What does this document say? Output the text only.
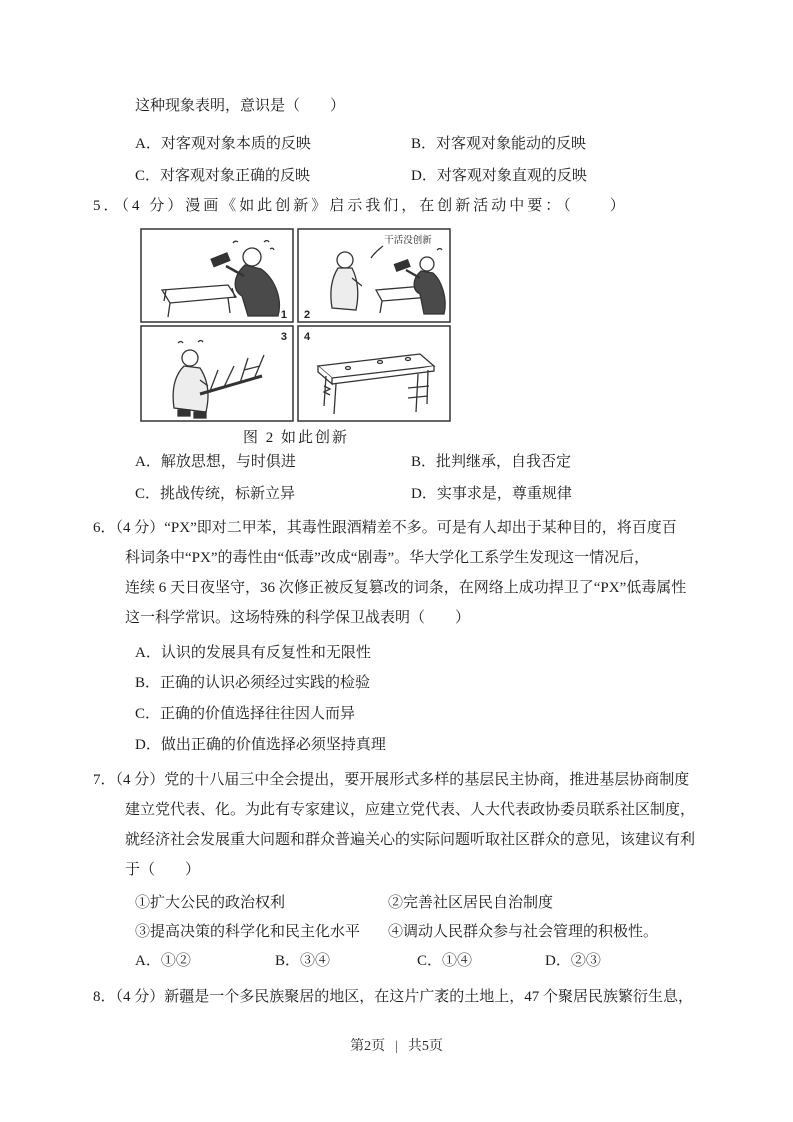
这种现象表明，意识是（　　）
A．对客观对象本质的反映	B．对客观对象能动的反映
C．对客观对象正确的反映	D．对客观对象直观的反映
5．（4 分）漫画《如此创新》启示我们，在创新活动中要：（　　）
1
干活没创新
2
3 4
图 2 如此创新
A．解放思想，与时俱进	B．批判继承，自我否定
C．挑战传统，标新立异	D．实事求是，尊重规律
6．（4 分）“PX”即对二甲苯，其毒性跟酒精差不多。可是有人却出于某种目的，将百度百
科词条中“PX”的毒性由“低毒”改成“剧毒”。华大学化工系学生发现这一情况后，
连续 6 天日夜坚守，36 次修正被反复篡改的词条，在网络上成功捍卫了“PX”低毒属性
这一科学常识。这场特殊的科学保卫战表明（　　）
A．认识的发展具有反复性和无限性
B．正确的认识必须经过实践的检验
C．正确的价值选择往往因人而异
D．做出正确的价值选择必须坚持真理
7．（4 分）党的十八届三中全会提出，要开展形式多样的基层民主协商，推进基层协商制度
建立党代表、化。为此有专家建议，应建立党代表、人大代表政协委员联系社区制度，
就经济社会发展重大问题和群众普遍关心的实际问题听取社区群众的意见，该建议有利
于（　　）
①扩大公民的政治权利	②完善社区居民自治制度
③提高决策的科学化和民主化水平 ④调动人民群众参与社会管理的积极性。
A．①②	B．③④	C．①④	D．②③
8．（4 分）新疆是一个多民族聚居的地区，在这片广袤的土地上，47 个聚居民族繁衍生息，
第2页 | 共5页
